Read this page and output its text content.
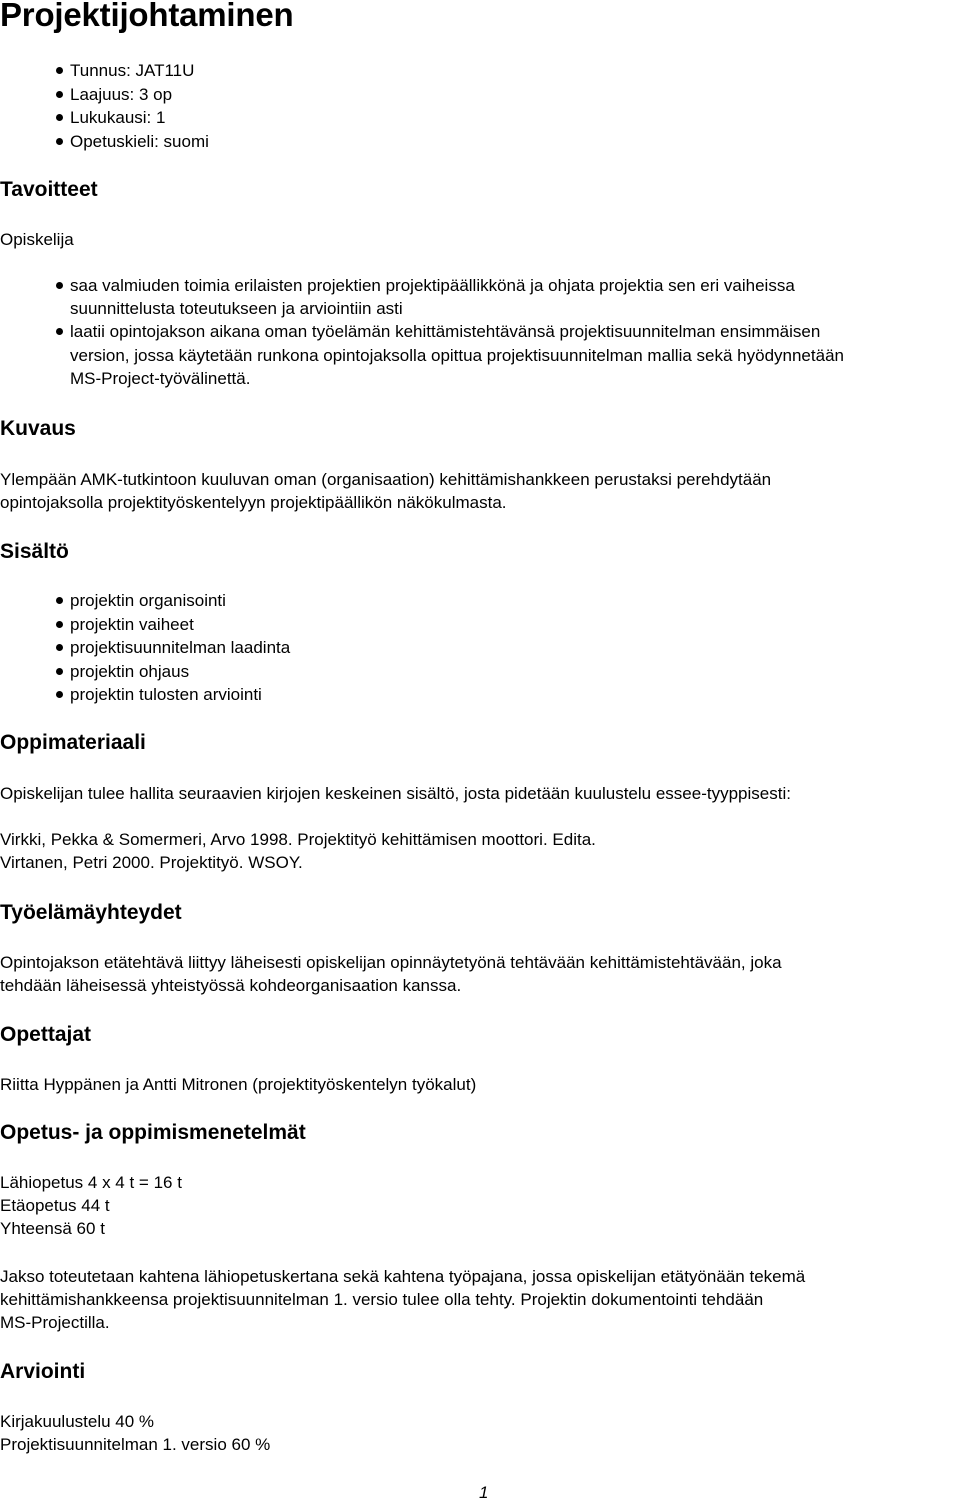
Projektijohtaminen
Tunnus: JAT11U
Laajuus: 3 op
Lukukausi: 1
Opetuskieli: suomi
Tavoitteet
Opiskelija
saa valmiuden toimia erilaisten projektien projektipäällikkönä ja ohjata projektia sen eri vaiheissa
suunnittelusta toteutukseen ja arviointiin asti
laatii opintojakson aikana oman työelämän kehittämistehtävänsä projektisuunnitelman ensimmäisen
version, jossa käytetään runkona opintojaksolla opittua projektisuunnitelman mallia sekä hyödynnetään
MS-Project-työvälinettä.
Kuvaus
Ylempään AMK-tutkintoon kuuluvan oman (organisaation) kehittämishankkeen perustaksi perehdytään
opintojaksolla projektityöskentelyyn projektipäällikön näkökulmasta.
Sisältö
projektin organisointi
projektin vaiheet
projektisuunnitelman laadinta
projektin ohjaus
projektin tulosten arviointi
Oppimateriaali
Opiskelijan tulee hallita seuraavien kirjojen keskeinen sisältö, josta pidetään kuulustelu essee-tyyppisesti:
Virkki, Pekka & Somermeri, Arvo 1998. Projektityö kehittämisen moottori. Edita.
Virtanen, Petri 2000. Projektityö. WSOY.
Työelämäyhteydet
Opintojakson etätehtävä liittyy läheisesti opiskelijan opinnäytetyönä tehtävään kehittämistehtävään, joka
tehdään läheisessä yhteistyössä kohdeorganisaation kanssa.
Opettajat
Riitta Hyppänen ja Antti Mitronen (projektityöskentelyn työkalut)
Opetus- ja oppimismenetelmät
Lähiopetus 4 x 4 t = 16 t
Etäopetus 44 t
Yhteensä 60 t
Jakso toteutetaan kahtena lähiopetuskertana sekä kahtena työpajana, jossa opiskelijan etätyönään tekemä
kehittämishankkeensa projektisuunnitelman 1. versio tulee olla tehty. Projektin dokumentointi tehdään
MS-Projectilla.
Arviointi
Kirjakuulustelu 40 %
Projektisuunnitelman 1. versio 60 %
1
